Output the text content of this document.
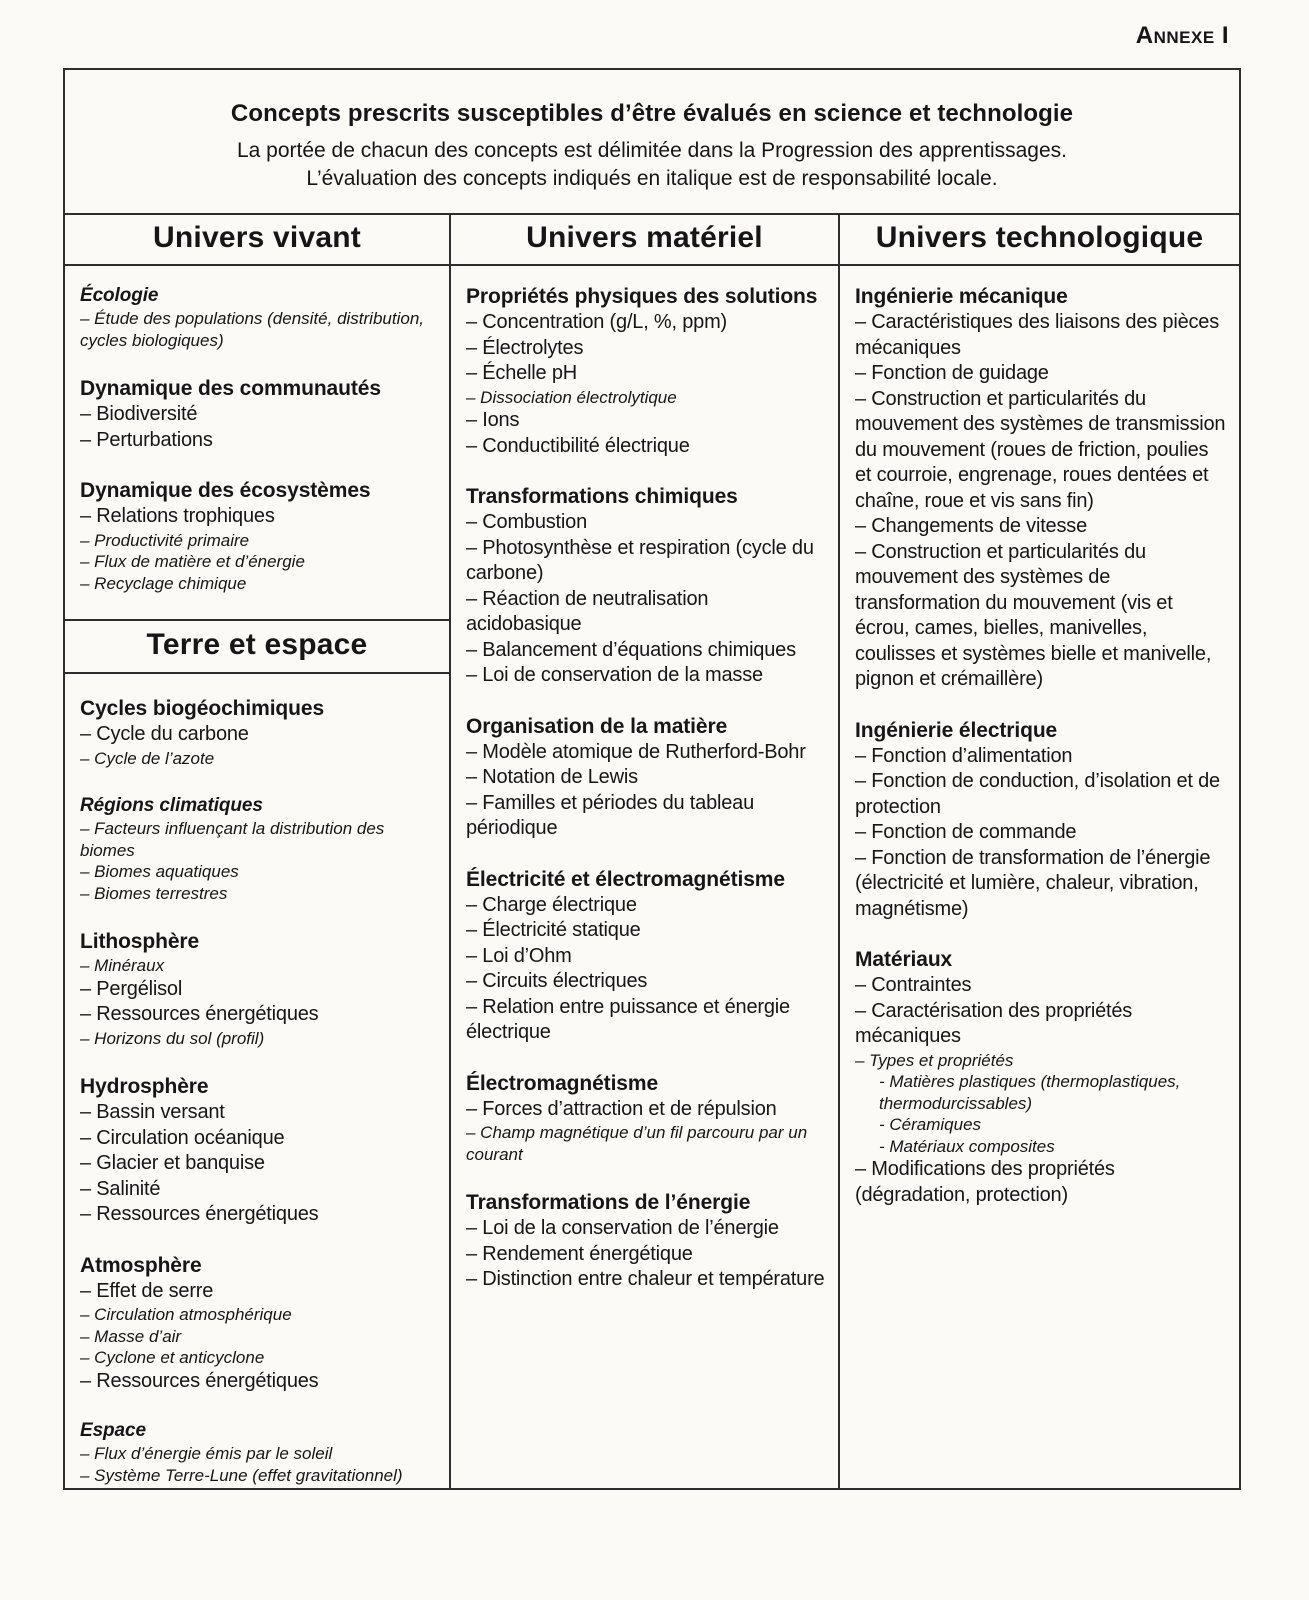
Annexe I
Concepts prescrits susceptibles d’être évalués en science et technologie
La portée de chacun des concepts est délimitée dans la Progression des apprentissages.
L’évaluation des concepts indiqués en italique est de responsabilité locale.
Univers vivant
Écologie
– Étude des populations (densité, distribution, cycles biologiques)
Dynamique des communautés
– Biodiversité
– Perturbations
Dynamique des écosystèmes
– Relations trophiques
– Productivité primaire
– Flux de matière et d’énergie
– Recyclage chimique
Terre et espace
Cycles biogéochimiques
– Cycle du carbone
– Cycle de l’azote
Régions climatiques
– Facteurs influençant la distribution des biomes
– Biomes aquatiques
– Biomes terrestres
Lithosphère
– Minéraux
– Pergélisol
– Ressources énergétiques
– Horizons du sol (profil)
Hydrosphère
– Bassin versant
– Circulation océanique
– Glacier et banquise
– Salinité
– Ressources énergétiques
Atmosphère
– Effet de serre
– Circulation atmosphérique
– Masse d’air
– Cyclone et anticyclone
– Ressources énergétiques
Espace
– Flux d’énergie émis par le soleil
– Système Terre-Lune (effet gravitationnel)
Univers matériel
Propriétés physiques des solutions
– Concentration (g/L, %, ppm)
– Électrolytes
– Échelle pH
– Dissociation électrolytique
– Ions
– Conductibilité électrique
Transformations chimiques
– Combustion
– Photosynthèse et respiration (cycle du carbone)
– Réaction de neutralisation acidobasique
– Balancement d’équations chimiques
– Loi de conservation de la masse
Organisation de la matière
– Modèle atomique de Rutherford-Bohr
– Notation de Lewis
– Familles et périodes du tableau périodique
Électricité et électromagnétisme
– Charge électrique
– Électricité statique
– Loi d’Ohm
– Circuits électriques
– Relation entre puissance et énergie électrique
Électromagnétisme
– Forces d’attraction et de répulsion
– Champ magnétique d’un fil parcouru par un courant
Transformations de l’énergie
– Loi de la conservation de l’énergie
– Rendement énergétique
– Distinction entre chaleur et température
Univers technologique
Ingénierie mécanique
– Caractéristiques des liaisons des pièces mécaniques
– Fonction de guidage
– Construction et particularités du mouvement des systèmes de transmission du mouvement (roues de friction, poulies et courroie, engrenage, roues dentées et chaîne, roue et vis sans fin)
– Changements de vitesse
– Construction et particularités du mouvement des systèmes de transformation du mouvement (vis et écrou, cames, bielles, manivelles, coulisses et systèmes bielle et manivelle, pignon et crémaillère)
Ingénierie électrique
– Fonction d’alimentation
– Fonction de conduction, d’isolation et de protection
– Fonction de commande
– Fonction de transformation de l’énergie (électricité et lumière, chaleur, vibration, magnétisme)
Matériaux
– Contraintes
– Caractérisation des propriétés mécaniques
– Types et propriétés
- Matières plastiques (thermoplastiques, thermodurcissables)
- Céramiques
- Matériaux composites
– Modifications des propriétés (dégradation, protection)
